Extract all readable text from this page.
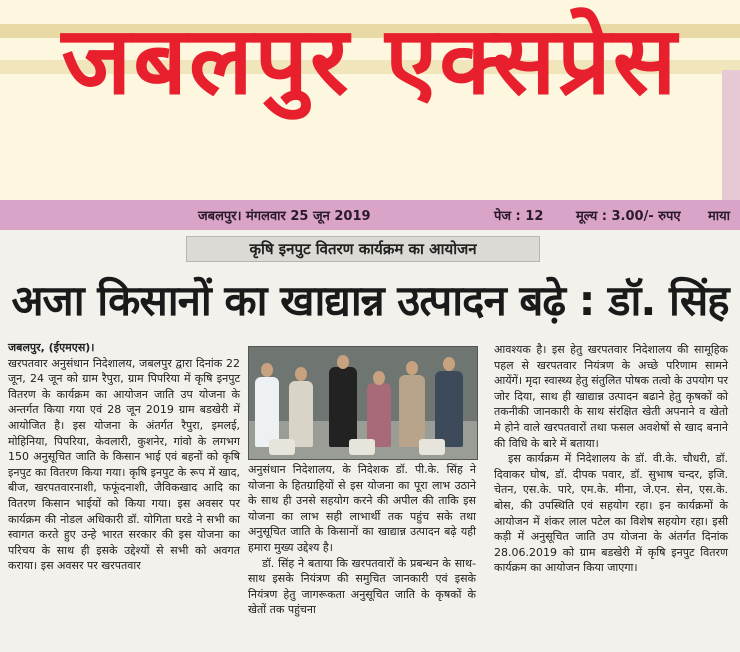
जबलपुर एक्सप्रेस
जबलपुर। मंगलवार 25 जून 2019	पेज : 12	मूल्य : 3.00/- रुपए माया
कृषि इनपुट वितरण कार्यक्रम का आयोजन
अजा किसानों का खाद्यान्न उत्पादन बढ़े : डॉ. सिंह

जबलपुर, (ईएमएस)।

खरपतवार अनुसंधान निदेशालय, जबलपुर द्वारा दिनांक 22 जून, 24 जून को ग्राम रैपुरा, ग्राम पिपरिया में कृषि इनपुट वितरण के कार्यक्रम का आयोजन जाति उप योजना के अन्तर्गत किया गया एवं 28 जून 2019 ग्राम बडखेरी में आयोजित है। इस योजना के अंतर्गत रैपुरा, इमलई, मोहिनिया, पिपरिया, केवलारी, कुशनेर, गांवो के लगभग 150 अनुसूचित जाति के किसान भाई एवं बहनों को कृषि इनपुट का वितरण किया गया। कृषि इनपुट के रूप में खाद, बीज, खरपतवारनाशी, फफूंदनाशी, जैविकखाद आदि का वितरण किसान भाईयों को किया गया। इस अवसर पर कार्यक्रम की नोडल अधिकारी डॉ. योगिता घरडे ने सभी का स्वागत करते हुए उन्हे भारत सरकार की इस योजना का परिचय के साथ ही इसके उद्देश्यों से सभी को अवगत कराया। इस अवसर पर खरपतवार

अनुसंधान निदेशालय, के निदेशक डॉ. पी.के. सिंह ने योजना के हितग्राहियों से इस योजना का पूरा लाभ उठाने के साथ ही उनसे सहयोग करने की अपील की ताकि इस योजना का लाभ सही लाभार्थी तक पहुंच सके तथा अनुसूचित जाति के किसानों का खाद्यान्न उत्पादन बढ़े यही हमारा मुख्य उद्देश्य है।

डॉ. सिंह ने बताया कि खरपतवारों के प्रबन्धन के साथ- साथ इसके नियंत्रण की समुचित जानकारी एवं इसके नियंत्रण हेतु जागरूकता अनुसूचित जाति के कृषकों के खेतों तक पहुंचना

आवश्यक है। इस हेतु खरपतवार निदेशालय की सामूहिक पहल से खरपतवार नियंत्रण के अच्छे परिणाम सामने आयेंगें। मृदा स्वास्थ्य हेतु संतुलित पोषक तत्वो के उपयोग पर जोर दिया, साथ ही खाद्यान्न उत्पादन बढाने हेतु कृषकों को तकनीकी जानकारी के साथ संरक्षित खेती अपनाने व खेतो मे होने वाले खरपतवारों तथा फसल अवशेषों से खाद बनाने की विधि के बारे में बताया।

इस कार्यक्रम में निदेशालय के डॉ. वी.के. चौधरी, डॉ. दिवाकर घोष, डॉ. दीपक पवार, डॉ. सुभाष चन्दर, इजि. चेतन, एस.के. पारे, एम.के. मीना, जे.एन. सेन, एस.के. बोस, की उपस्थिति एवं सहयोग रहा। इन कार्यक्रमों के आयोजन में शंकर लाल पटेल का विशेष सहयोग रहा। इसी कड़ी में अनुसूचित जाति उप योजना के अंतर्गत दिनांक 28.06.2019 को ग्राम बडखेरी में कृषि इनपुट वितरण कार्यक्रम का आयोजन किया जाएगा।
